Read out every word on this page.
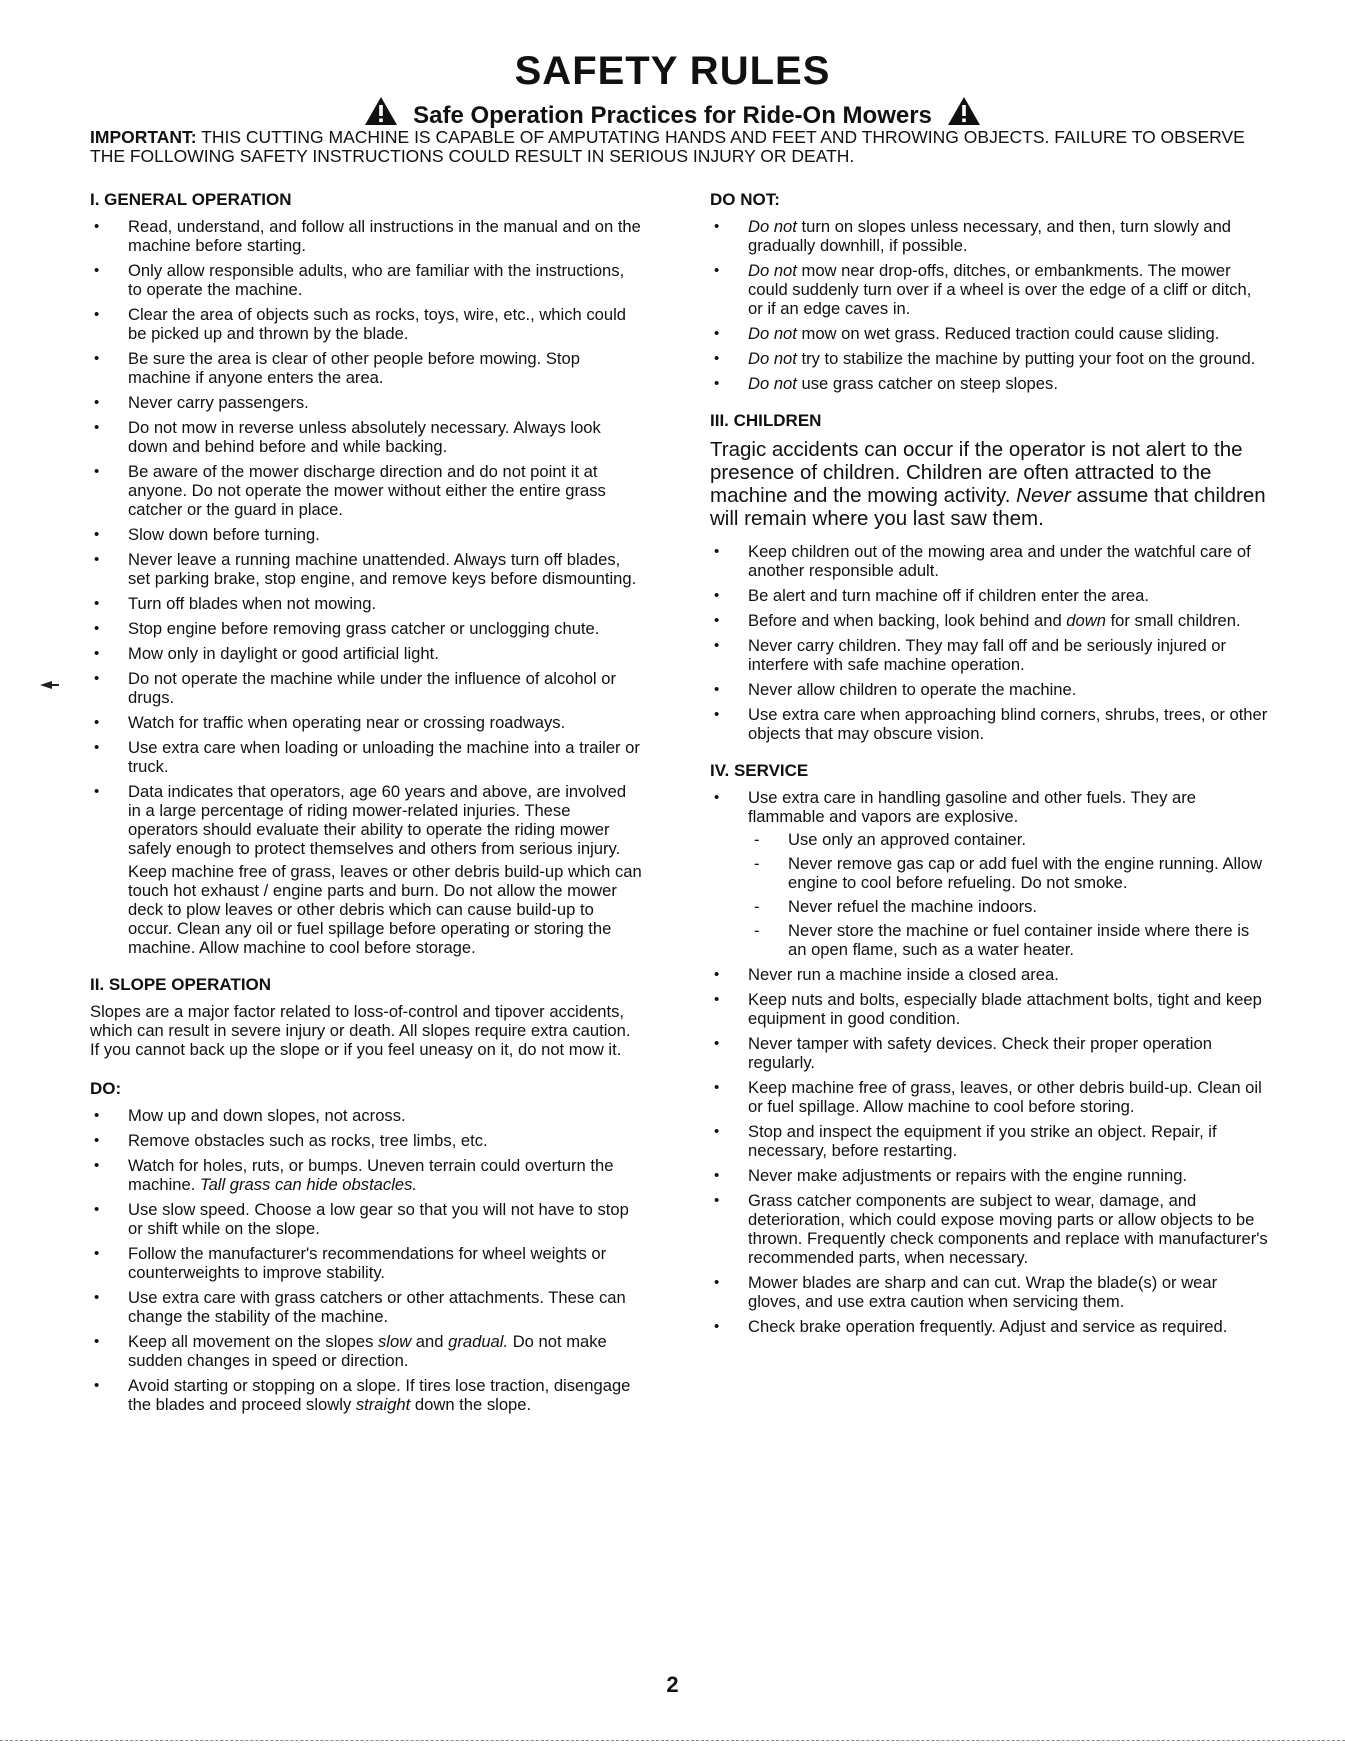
SAFETY RULES
Safe Operation Practices for Ride-On Mowers
IMPORTANT: THIS CUTTING MACHINE IS CAPABLE OF AMPUTATING HANDS AND FEET AND THROWING OBJECTS. FAILURE TO OBSERVE THE FOLLOWING SAFETY INSTRUCTIONS COULD RESULT IN SERIOUS INJURY OR DEATH.
I. GENERAL OPERATION
• Read, understand, and follow all instructions in the manual and on the machine before starting.
• Only allow responsible adults, who are familiar with the instructions, to operate the machine.
• Clear the area of objects such as rocks, toys, wire, etc., which could be picked up and thrown by the blade.
• Be sure the area is clear of other people before mowing. Stop machine if anyone enters the area.
• Never carry passengers.
• Do not mow in reverse unless absolutely necessary. Always look down and behind before and while backing.
• Be aware of the mower discharge direction and do not point it at anyone. Do not operate the mower without either the entire grass catcher or the guard in place.
• Slow down before turning.
• Never leave a running machine unattended. Always turn off blades, set parking brake, stop engine, and remove keys before dismounting.
• Turn off blades when not mowing.
• Stop engine before removing grass catcher or unclogging chute.
• Mow only in daylight or good artificial light.
• Do not operate the machine while under the influence of alcohol or drugs.
• Watch for traffic when operating near or crossing roadways.
• Use extra care when loading or unloading the machine into a trailer or truck.
• Data indicates that operators, age 60 years and above, are involved in a large percentage of riding mower-related injuries. These operators should evaluate their ability to operate the riding mower safely enough to protect themselves and others from serious injury.
Keep machine free of grass, leaves or other debris build-up which can touch hot exhaust / engine parts and burn. Do not allow the mower deck to plow leaves or other debris which can cause build-up to occur. Clean any oil or fuel spillage before operating or storing the machine. Allow machine to cool before storage.
II. SLOPE OPERATION
Slopes are a major factor related to loss-of-control and tipover accidents, which can result in severe injury or death. All slopes require extra caution. If you cannot back up the slope or if you feel uneasy on it, do not mow it.
DO:
• Mow up and down slopes, not across.
• Remove obstacles such as rocks, tree limbs, etc.
• Watch for holes, ruts, or bumps. Uneven terrain could overturn the machine. Tall grass can hide obstacles.
• Use slow speed. Choose a low gear so that you will not have to stop or shift while on the slope.
• Follow the manufacturer's recommendations for wheel weights or counterweights to improve stability.
• Use extra care with grass catchers or other attachments. These can change the stability of the machine.
• Keep all movement on the slopes slow and gradual. Do not make sudden changes in speed or direction.
• Avoid starting or stopping on a slope. If tires lose traction, disengage the blades and proceed slowly straight down the slope.
DO NOT:
• Do not turn on slopes unless necessary, and then, turn slowly and gradually downhill, if possible.
• Do not mow near drop-offs, ditches, or embankments. The mower could suddenly turn over if a wheel is over the edge of a cliff or ditch, or if an edge caves in.
• Do not mow on wet grass. Reduced traction could cause sliding.
• Do not try to stabilize the machine by putting your foot on the ground.
• Do not use grass catcher on steep slopes.
III. CHILDREN
Tragic accidents can occur if the operator is not alert to the presence of children. Children are often attracted to the machine and the mowing activity. Never assume that children will remain where you last saw them.
• Keep children out of the mowing area and under the watchful care of another responsible adult.
• Be alert and turn machine off if children enter the area.
• Before and when backing, look behind and down for small children.
• Never carry children. They may fall off and be seriously injured or interfere with safe machine operation.
• Never allow children to operate the machine.
• Use extra care when approaching blind corners, shrubs, trees, or other objects that may obscure vision.
IV. SERVICE
• Use extra care in handling gasoline and other fuels. They are flammable and vapors are explosive.
- Use only an approved container.
- Never remove gas cap or add fuel with the engine running. Allow engine to cool before refueling. Do not smoke.
- Never refuel the machine indoors.
- Never store the machine or fuel container inside where there is an open flame, such as a water heater.
• Never run a machine inside a closed area.
• Keep nuts and bolts, especially blade attachment bolts, tight and keep equipment in good condition.
• Never tamper with safety devices. Check their proper operation regularly.
• Keep machine free of grass, leaves, or other debris build-up. Clean oil or fuel spillage. Allow machine to cool before storing.
• Stop and inspect the equipment if you strike an object. Repair, if necessary, before restarting.
• Never make adjustments or repairs with the engine running.
• Grass catcher components are subject to wear, damage, and deterioration, which could expose moving parts or allow objects to be thrown. Frequently check components and replace with manufacturer's recommended parts, when necessary.
• Mower blades are sharp and can cut. Wrap the blade(s) or wear gloves, and use extra caution when servicing them.
• Check brake operation frequently. Adjust and service as required.
2
